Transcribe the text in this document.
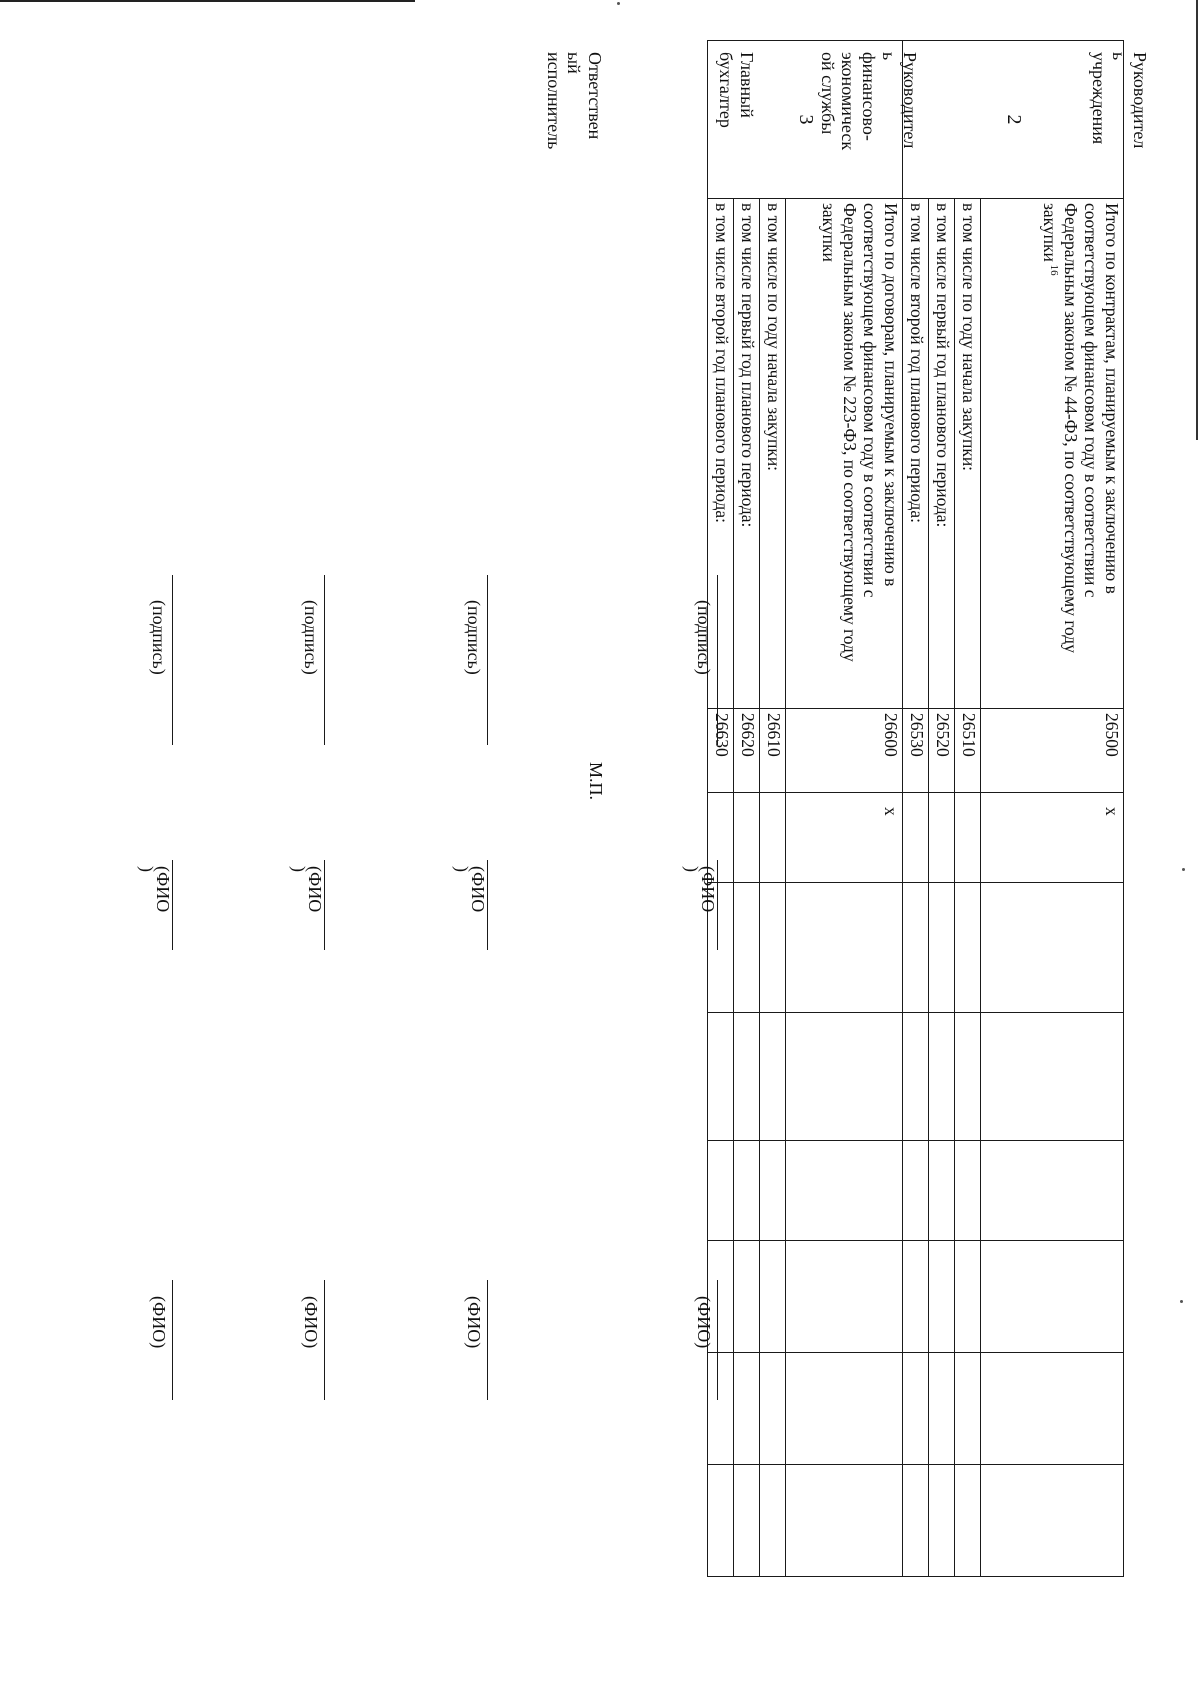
2	Итого по контрактам, планируемым к заключению в соответствующем финансовом году в соответствии с Федеральным законом № 44-ФЗ, по соответствующему году закупки $^{16}$	26500	x						
	в том числе по году начала закупки:	26510							
	в том числе первый год планового периода:	26520							
	в том числе второй год планового периода:	26530							
3	Итого по договорам, планируемым к заключению в соответствующем финансовом году в соответствии с Федеральным законом № 223-ФЗ, по соответствующему году закупки	26600	x						
	в том числе по году начала закупки:	26610							
	в том числе первый год планового периода:	26620							
	в том числе второй год планового периода:	26630							
Руководител
ь
учреждения
(подпись)
(ФИО
)
(ФИО)
Руководител
ь
финансово-
экономическ
ой службы
(подпись)
(ФИО
)
(ФИО)
Главный
бухгалтер
(подпись)
(ФИО
)
(ФИО)
Ответствен
ый
исполнитель
(подпись)
(ФИО
)
(ФИО)
М.П.
